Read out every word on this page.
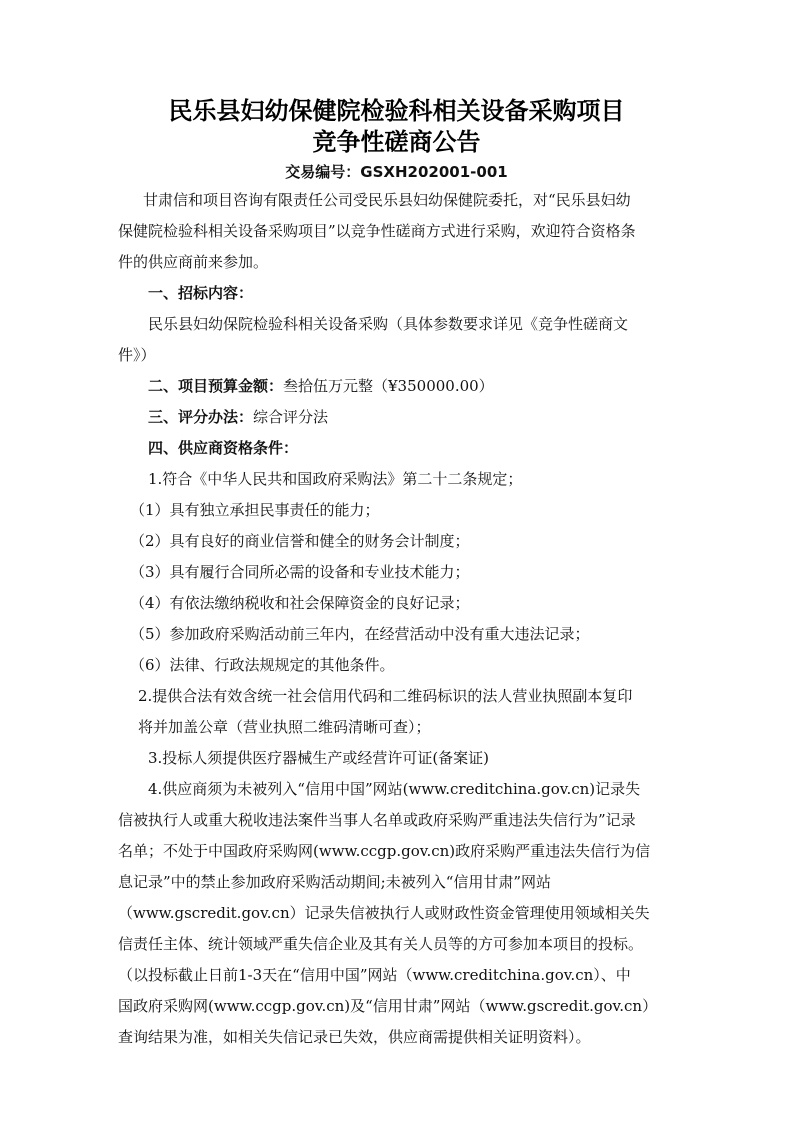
民乐县妇幼保健院检验科相关设备采购项目
竞争性磋商公告
交易编号：GSXH202001-001
甘肃信和项目咨询有限责任公司受民乐县妇幼保健院委托，对“民乐县妇幼
保健院检验科相关设备采购项目”以竞争性磋商方式进行采购，欢迎符合资格条
件的供应商前来参加。
一、招标内容：
民乐县妇幼保院检验科相关设备采购（具体参数要求详见《竞争性磋商文
件》）
二、项目预算金额：叁拾伍万元整（¥350000.00）
三、评分办法：综合评分法
四、供应商资格条件：
1.符合《中华人民共和国政府采购法》第二十二条规定；
（1）具有独立承担民事责任的能力；
（2）具有良好的商业信誉和健全的财务会计制度；
（3）具有履行合同所必需的设备和专业技术能力；
（4）有依法缴纳税收和社会保障资金的良好记录；
（5）参加政府采购活动前三年内，在经营活动中没有重大违法记录；
（6）法律、行政法规规定的其他条件。
2.提供合法有效含统一社会信用代码和二维码标识的法人营业执照副本复印
将并加盖公章（营业执照二维码清晰可查）；
3.投标人须提供医疗器械生产或经营许可证(备案证)
4.供应商须为未被列入“信用中国”网站(www.creditchina.gov.cn)记录失
信被执行人或重大税收违法案件当事人名单或政府采购严重违法失信行为”记录
名单；不处于中国政府采购网(www.ccgp.gov.cn)政府采购严重违法失信行为信
息记录”中的禁止参加政府采购活动期间;未被列入“信用甘肃”网站
（www.gscredit.gov.cn）记录失信被执行人或财政性资金管理使用领域相关失
信责任主体、统计领域严重失信企业及其有关人员等的方可参加本项目的投标。
（以投标截止日前1-3天在“信用中国”网站（www.creditchina.gov.cn）、中
国政府采购网(www.ccgp.gov.cn)及“信用甘肃”网站（www.gscredit.gov.cn）
查询结果为准，如相关失信记录已失效，供应商需提供相关证明资料）。
